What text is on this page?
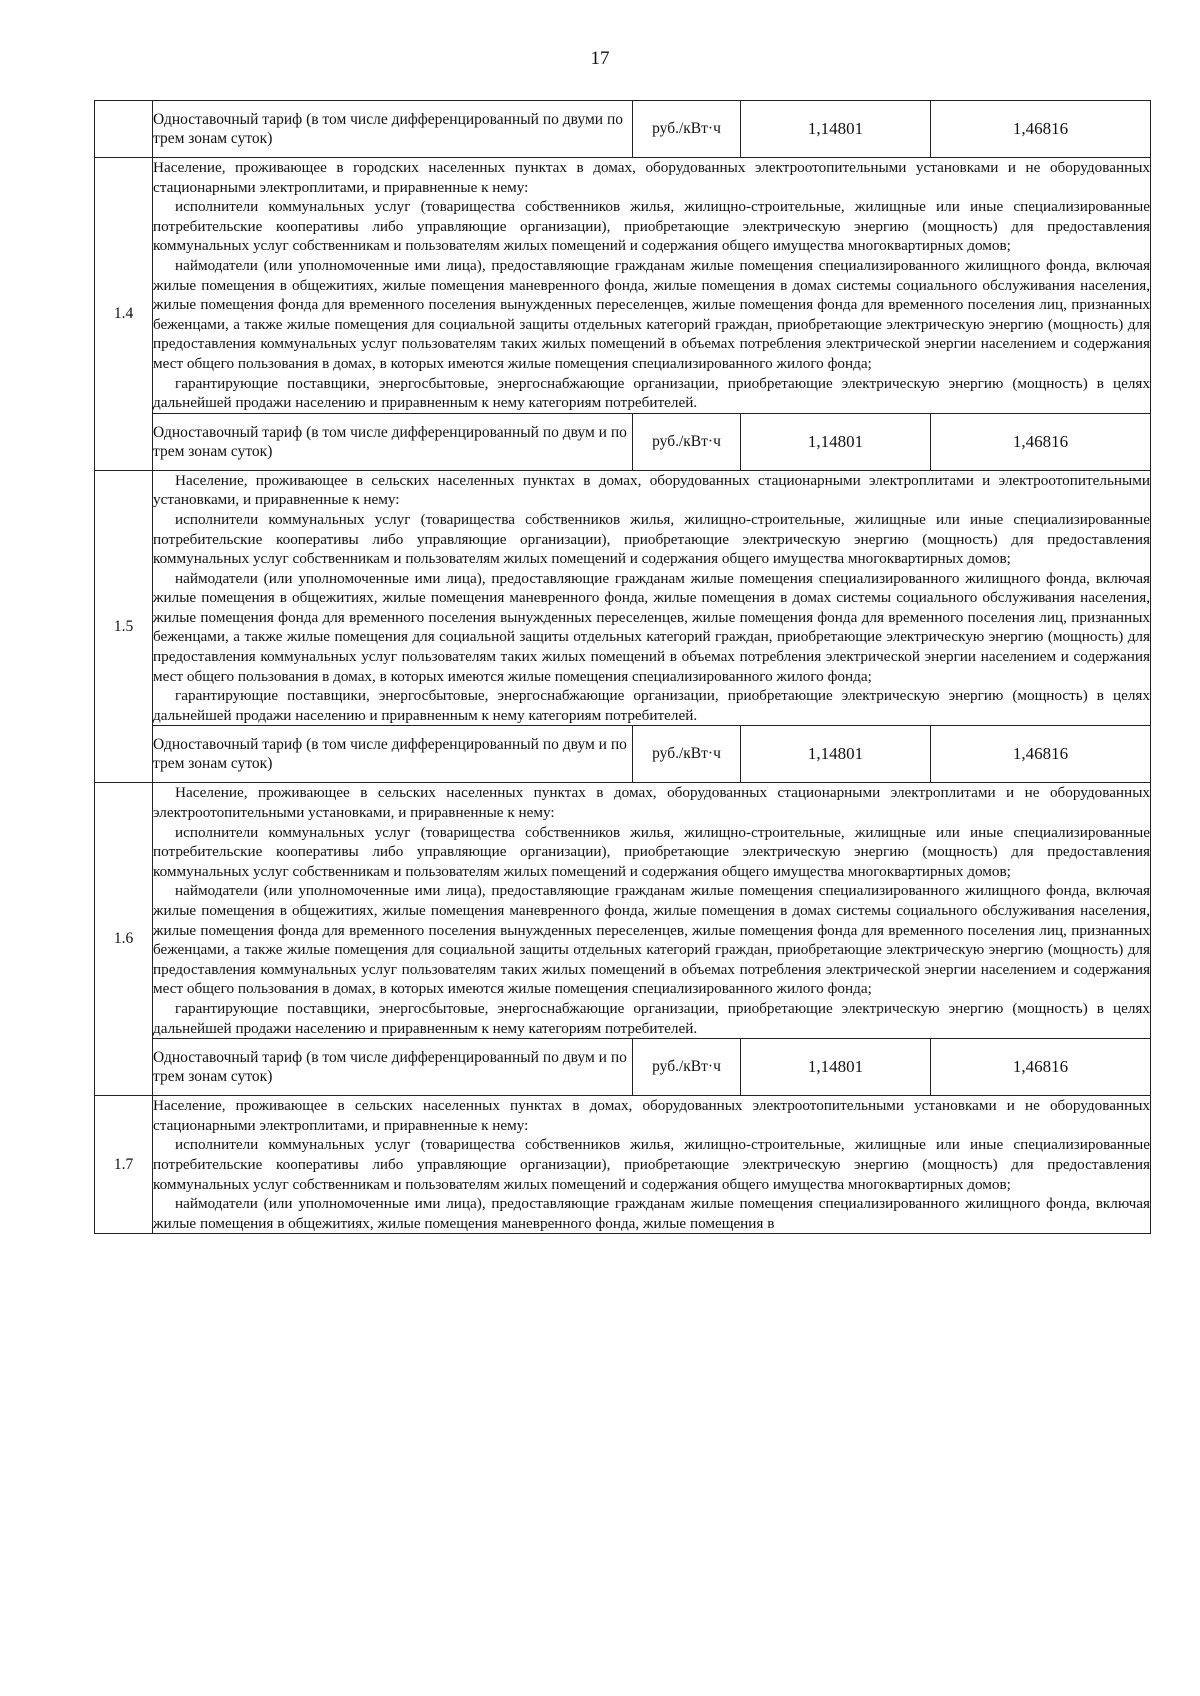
17
	Одноставочный тариф (в том числе дифференцированный по двуми по трем зонам суток)	руб./кВт·ч	1,14801	1,46816
1.4	Население, проживающее в городских населенных пунктах в домах, оборудованных электроотопительными установками и не оборудованных стационарными электроплитами, и приравненные к нему:

исполнители коммунальных услуг (товарищества собственников жилья, жилищно-строительные, жилищные или иные специализированные потребительские кооперативы либо управляющие организации), приобретающие электрическую энергию (мощность) для предоставления коммунальных услуг собственникам и пользователям жилых помещений и содержания общего имущества многоквартирных домов;

наймодатели (или уполномоченные ими лица), предоставляющие гражданам жилые помещения специализированного жилищного фонда, включая жилые помещения в общежитиях, жилые помещения маневренного фонда, жилые помещения в домах системы социального обслуживания населения, жилые помещения фонда для временного поселения вынужденных переселенцев, жилые помещения фонда для временного поселения лиц, признанных беженцами, а также жилые помещения для социальной защиты отдельных категорий граждан, приобретающие электрическую энергию (мощность) для предоставления коммунальных услуг пользователям таких жилых помещений в объемах потребления электрической энергии населением и содержания мест общего пользования в домах, в которых имеются жилые помещения специализированного жилого фонда;

гарантирующие поставщики, энергосбытовые, энергоснабжающие организации, приобретающие электрическую энергию (мощность) в целях дальнейшей продажи населению и приравненным к нему категориям потребителей.			

	Одноставочный тариф (в том числе дифференцированный по двум и по трем зонам суток)	руб./кВт·ч	1,14801	1,46816
1.5	Население, проживающее в сельских населенных пунктах в домах, оборудованных стационарными электроплитами и электроотопительными установками, и приравненные к нему:

исполнители коммунальных услуг (товарищества собственников жилья, жилищно-строительные, жилищные или иные специализированные потребительские кооперативы либо управляющие организации), приобретающие электрическую энергию (мощность) для предоставления коммунальных услуг собственникам и пользователям жилых помещений и содержания общего имущества многоквартирных домов;

наймодатели (или уполномоченные ими лица), предоставляющие гражданам жилые помещения специализированного жилищного фонда, включая жилые помещения в общежитиях, жилые помещения маневренного фонда, жилые помещения в домах системы социального обслуживания населения, жилые помещения фонда для временного поселения вынужденных переселенцев, жилые помещения фонда для временного поселения лиц, признанных беженцами, а также жилые помещения для социальной защиты отдельных категорий граждан, приобретающие электрическую энергию (мощность) для предоставления коммунальных услуг пользователям таких жилых помещений в объемах потребления электрической энергии населением и содержания мест общего пользования в домах, в которых имеются жилые помещения специализированного жилого фонда;

гарантирующие поставщики, энергосбытовые, энергоснабжающие организации, приобретающие электрическую энергию (мощность) в целях дальнейшей продажи населению и приравненным к нему категориям потребителей.			

	Одноставочный тариф (в том числе дифференцированный по двум и по трем зонам суток)	руб./кВт·ч	1,14801	1,46816
1.6	Население, проживающее в сельских населенных пунктах в домах, оборудованных стационарными электроплитами и не оборудованных электроотопительными установками, и приравненные к нему:

исполнители коммунальных услуг (товарищества собственников жилья, жилищно-строительные, жилищные или иные специализированные потребительские кооперативы либо управляющие организации), приобретающие электрическую энергию (мощность) для предоставления коммунальных услуг собственникам и пользователям жилых помещений и содержания общего имущества многоквартирных домов;

наймодатели (или уполномоченные ими лица), предоставляющие гражданам жилые помещения специализированного жилищного фонда, включая жилые помещения в общежитиях, жилые помещения маневренного фонда, жилые помещения в домах системы социального обслуживания населения, жилые помещения фонда для временного поселения вынужденных переселенцев, жилые помещения фонда для временного поселения лиц, признанных беженцами, а также жилые помещения для социальной защиты отдельных категорий граждан, приобретающие электрическую энергию (мощность) для предоставления коммунальных услуг пользователям таких жилых помещений в объемах потребления электрической энергии населением и содержания мест общего пользования в домах, в которых имеются жилые помещения специализированного жилого фонда;

гарантирующие поставщики, энергосбытовые, энергоснабжающие организации, приобретающие электрическую энергию (мощность) в целях дальнейшей продажи населению и приравненным к нему категориям потребителей.			

	Одноставочный тариф (в том числе дифференцированный по двум и по трем зонам суток)	руб./кВт·ч	1,14801	1,46816
1.7	Население, проживающее в сельских населенных пунктах в домах, оборудованных электроотопительными установками и не оборудованных стационарными электроплитами, и приравненные к нему:

исполнители коммунальных услуг (товарищества собственников жилья, жилищно-строительные, жилищные или иные специализированные потребительские кооперативы либо управляющие организации), приобретающие электрическую энергию (мощность) для предоставления коммунальных услуг собственникам и пользователям жилых помещений и содержания общего имущества многоквартирных домов;

наймодатели (или уполномоченные ими лица), предоставляющие гражданам жилые помещения специализированного жилищного фонда, включая жилые помещения в общежитиях, жилые помещения маневренного фонда, жилые помещения в			
